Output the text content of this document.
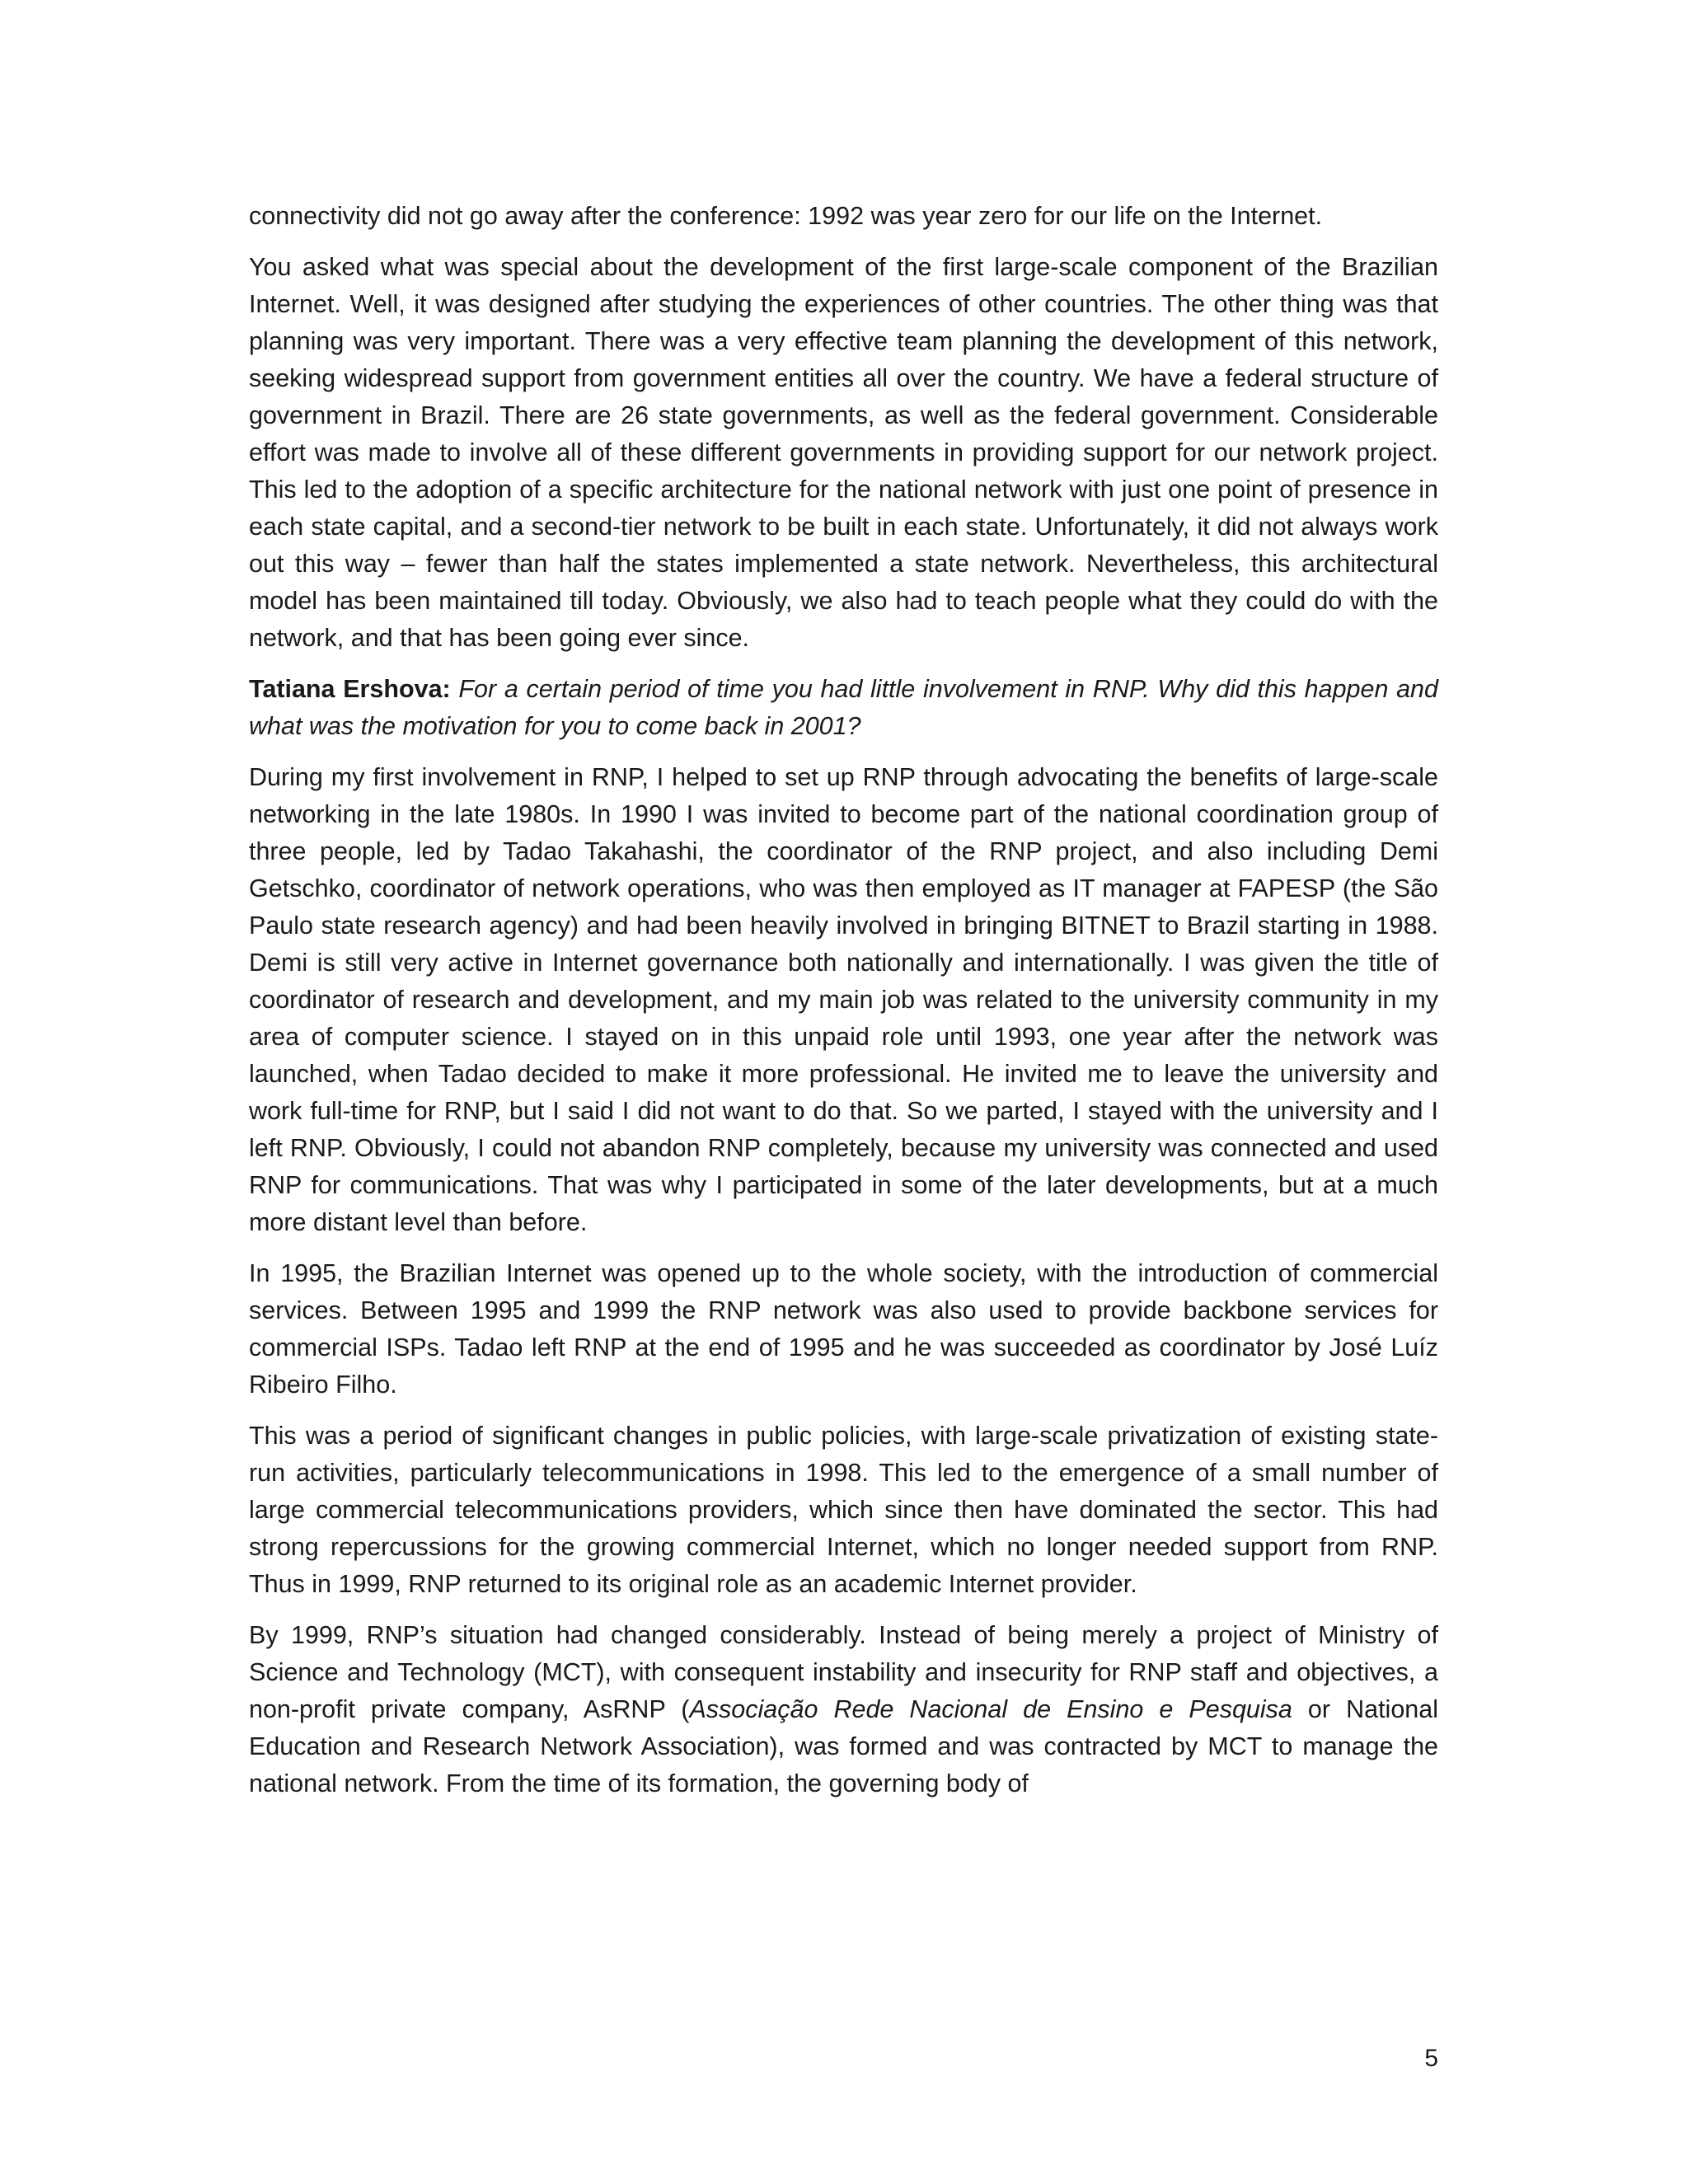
connectivity did not go away after the conference: 1992 was year zero for our life on the Internet.

You asked what was special about the development of the first large-scale component of the Brazilian Internet. Well, it was designed after studying the experiences of other countries. The other thing was that planning was very important. There was a very effective team planning the development of this network, seeking widespread support from government entities all over the country. We have a federal structure of government in Brazil. There are 26 state governments, as well as the federal government. Considerable effort was made to involve all of these different governments in providing support for our network project. This led to the adoption of a specific architecture for the national network with just one point of presence in each state capital, and a second-tier network to be built in each state. Unfortunately, it did not always work out this way – fewer than half the states implemented a state network. Nevertheless, this architectural model has been maintained till today. Obviously, we also had to teach people what they could do with the network, and that has been going ever since.

Tatiana Ershova: For a certain period of time you had little involvement in RNP. Why did this happen and what was the motivation for you to come back in 2001?

During my first involvement in RNP, I helped to set up RNP through advocating the benefits of large-scale networking in the late 1980s. In 1990 I was invited to become part of the national coordination group of three people, led by Tadao Takahashi, the coordinator of the RNP project, and also including Demi Getschko, coordinator of network operations, who was then employed as IT manager at FAPESP (the São Paulo state research agency) and had been heavily involved in bringing BITNET to Brazil starting in 1988. Demi is still very active in Internet governance both nationally and internationally. I was given the title of coordinator of research and development, and my main job was related to the university community in my area of computer science. I stayed on in this unpaid role until 1993, one year after the network was launched, when Tadao decided to make it more professional. He invited me to leave the university and work full-time for RNP, but I said I did not want to do that. So we parted, I stayed with the university and I left RNP. Obviously, I could not abandon RNP completely, because my university was connected and used RNP for communications. That was why I participated in some of the later developments, but at a much more distant level than before.

In 1995, the Brazilian Internet was opened up to the whole society, with the introduction of commercial services. Between 1995 and 1999 the RNP network was also used to provide backbone services for commercial ISPs. Tadao left RNP at the end of 1995 and he was succeeded as coordinator by José Luíz Ribeiro Filho.

This was a period of significant changes in public policies, with large-scale privatization of existing state-run activities, particularly telecommunications in 1998. This led to the emergence of a small number of large commercial telecommunications providers, which since then have dominated the sector. This had strong repercussions for the growing commercial Internet, which no longer needed support from RNP. Thus in 1999, RNP returned to its original role as an academic Internet provider.

By 1999, RNP’s situation had changed considerably. Instead of being merely a project of Ministry of Science and Technology (MCT), with consequent instability and insecurity for RNP staff and objectives, a non-profit private company, AsRNP (Associação Rede Nacional de Ensino e Pesquisa or National Education and Research Network Association), was formed and was contracted by MCT to manage the national network. From the time of its formation, the governing body of

5
